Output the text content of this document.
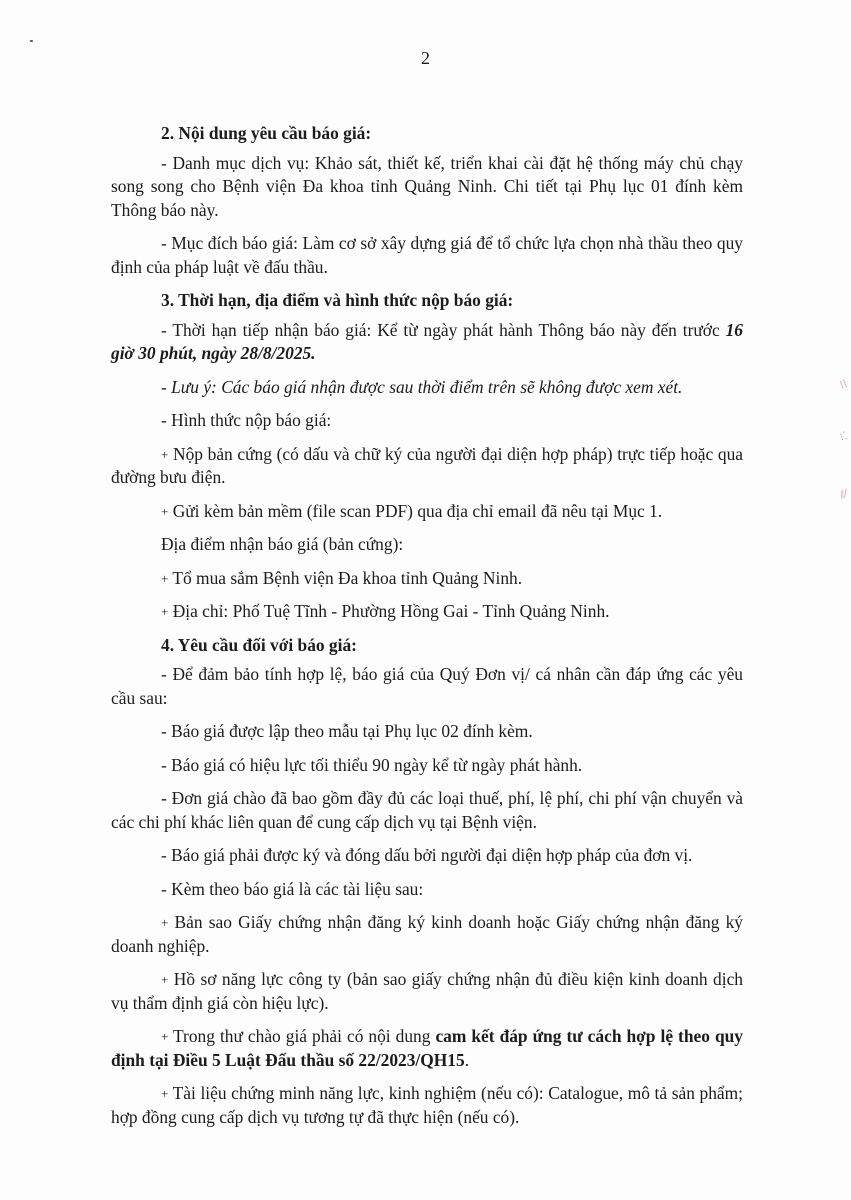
2
⁞⁞
⁝⁚
⫽⁄
2. Nội dung yêu cầu báo giá:
- Danh mục dịch vụ: Khảo sát, thiết kế, triển khai cài đặt hệ thống máy chủ chạy song song cho Bệnh viện Đa khoa tỉnh Quảng Ninh. Chi tiết tại Phụ lục 01 đính kèm Thông báo này.
- Mục đích báo giá: Làm cơ sở xây dựng giá để tổ chức lựa chọn nhà thầu theo quy định của pháp luật về đấu thầu.
3. Thời hạn, địa điểm và hình thức nộp báo giá:
- Thời hạn tiếp nhận báo giá: Kể từ ngày phát hành Thông báo này đến trước 16 giờ 30 phút, ngày 28/8/2025.
- Lưu ý: Các báo giá nhận được sau thời điểm trên sẽ không được xem xét.
- Hình thức nộp báo giá:
+ Nộp bản cứng (có dấu và chữ ký của người đại diện hợp pháp) trực tiếp hoặc qua đường bưu điện.
+ Gửi kèm bản mềm (file scan PDF) qua địa chỉ email đã nêu tại Mục 1.
Địa điểm nhận báo giá (bản cứng):
+ Tổ mua sắm Bệnh viện Đa khoa tỉnh Quảng Ninh.
+ Địa chỉ: Phố Tuệ Tĩnh - Phường Hồng Gai - Tỉnh Quảng Ninh.
4. Yêu cầu đối với báo giá:
- Để đảm bảo tính hợp lệ, báo giá của Quý Đơn vị/ cá nhân cần đáp ứng các yêu cầu sau:
- Báo giá được lập theo mẫu tại Phụ lục 02 đính kèm.
- Báo giá có hiệu lực tối thiểu 90 ngày kể từ ngày phát hành.
- Đơn giá chào đã bao gồm đầy đủ các loại thuế, phí, lệ phí, chi phí vận chuyển và các chi phí khác liên quan để cung cấp dịch vụ tại Bệnh viện.
- Báo giá phải được ký và đóng dấu bởi người đại diện hợp pháp của đơn vị.
- Kèm theo báo giá là các tài liệu sau:
+ Bản sao Giấy chứng nhận đăng ký kinh doanh hoặc Giấy chứng nhận đăng ký doanh nghiệp.
+ Hồ sơ năng lực công ty (bản sao giấy chứng nhận đủ điều kiện kinh doanh dịch vụ thẩm định giá còn hiệu lực).
+ Trong thư chào giá phải có nội dung cam kết đáp ứng tư cách hợp lệ theo quy định tại Điều 5 Luật Đấu thầu số 22/2023/QH15.
+ Tài liệu chứng minh năng lực, kinh nghiệm (nếu có): Catalogue, mô tả sản phẩm; hợp đồng cung cấp dịch vụ tương tự đã thực hiện (nếu có).
